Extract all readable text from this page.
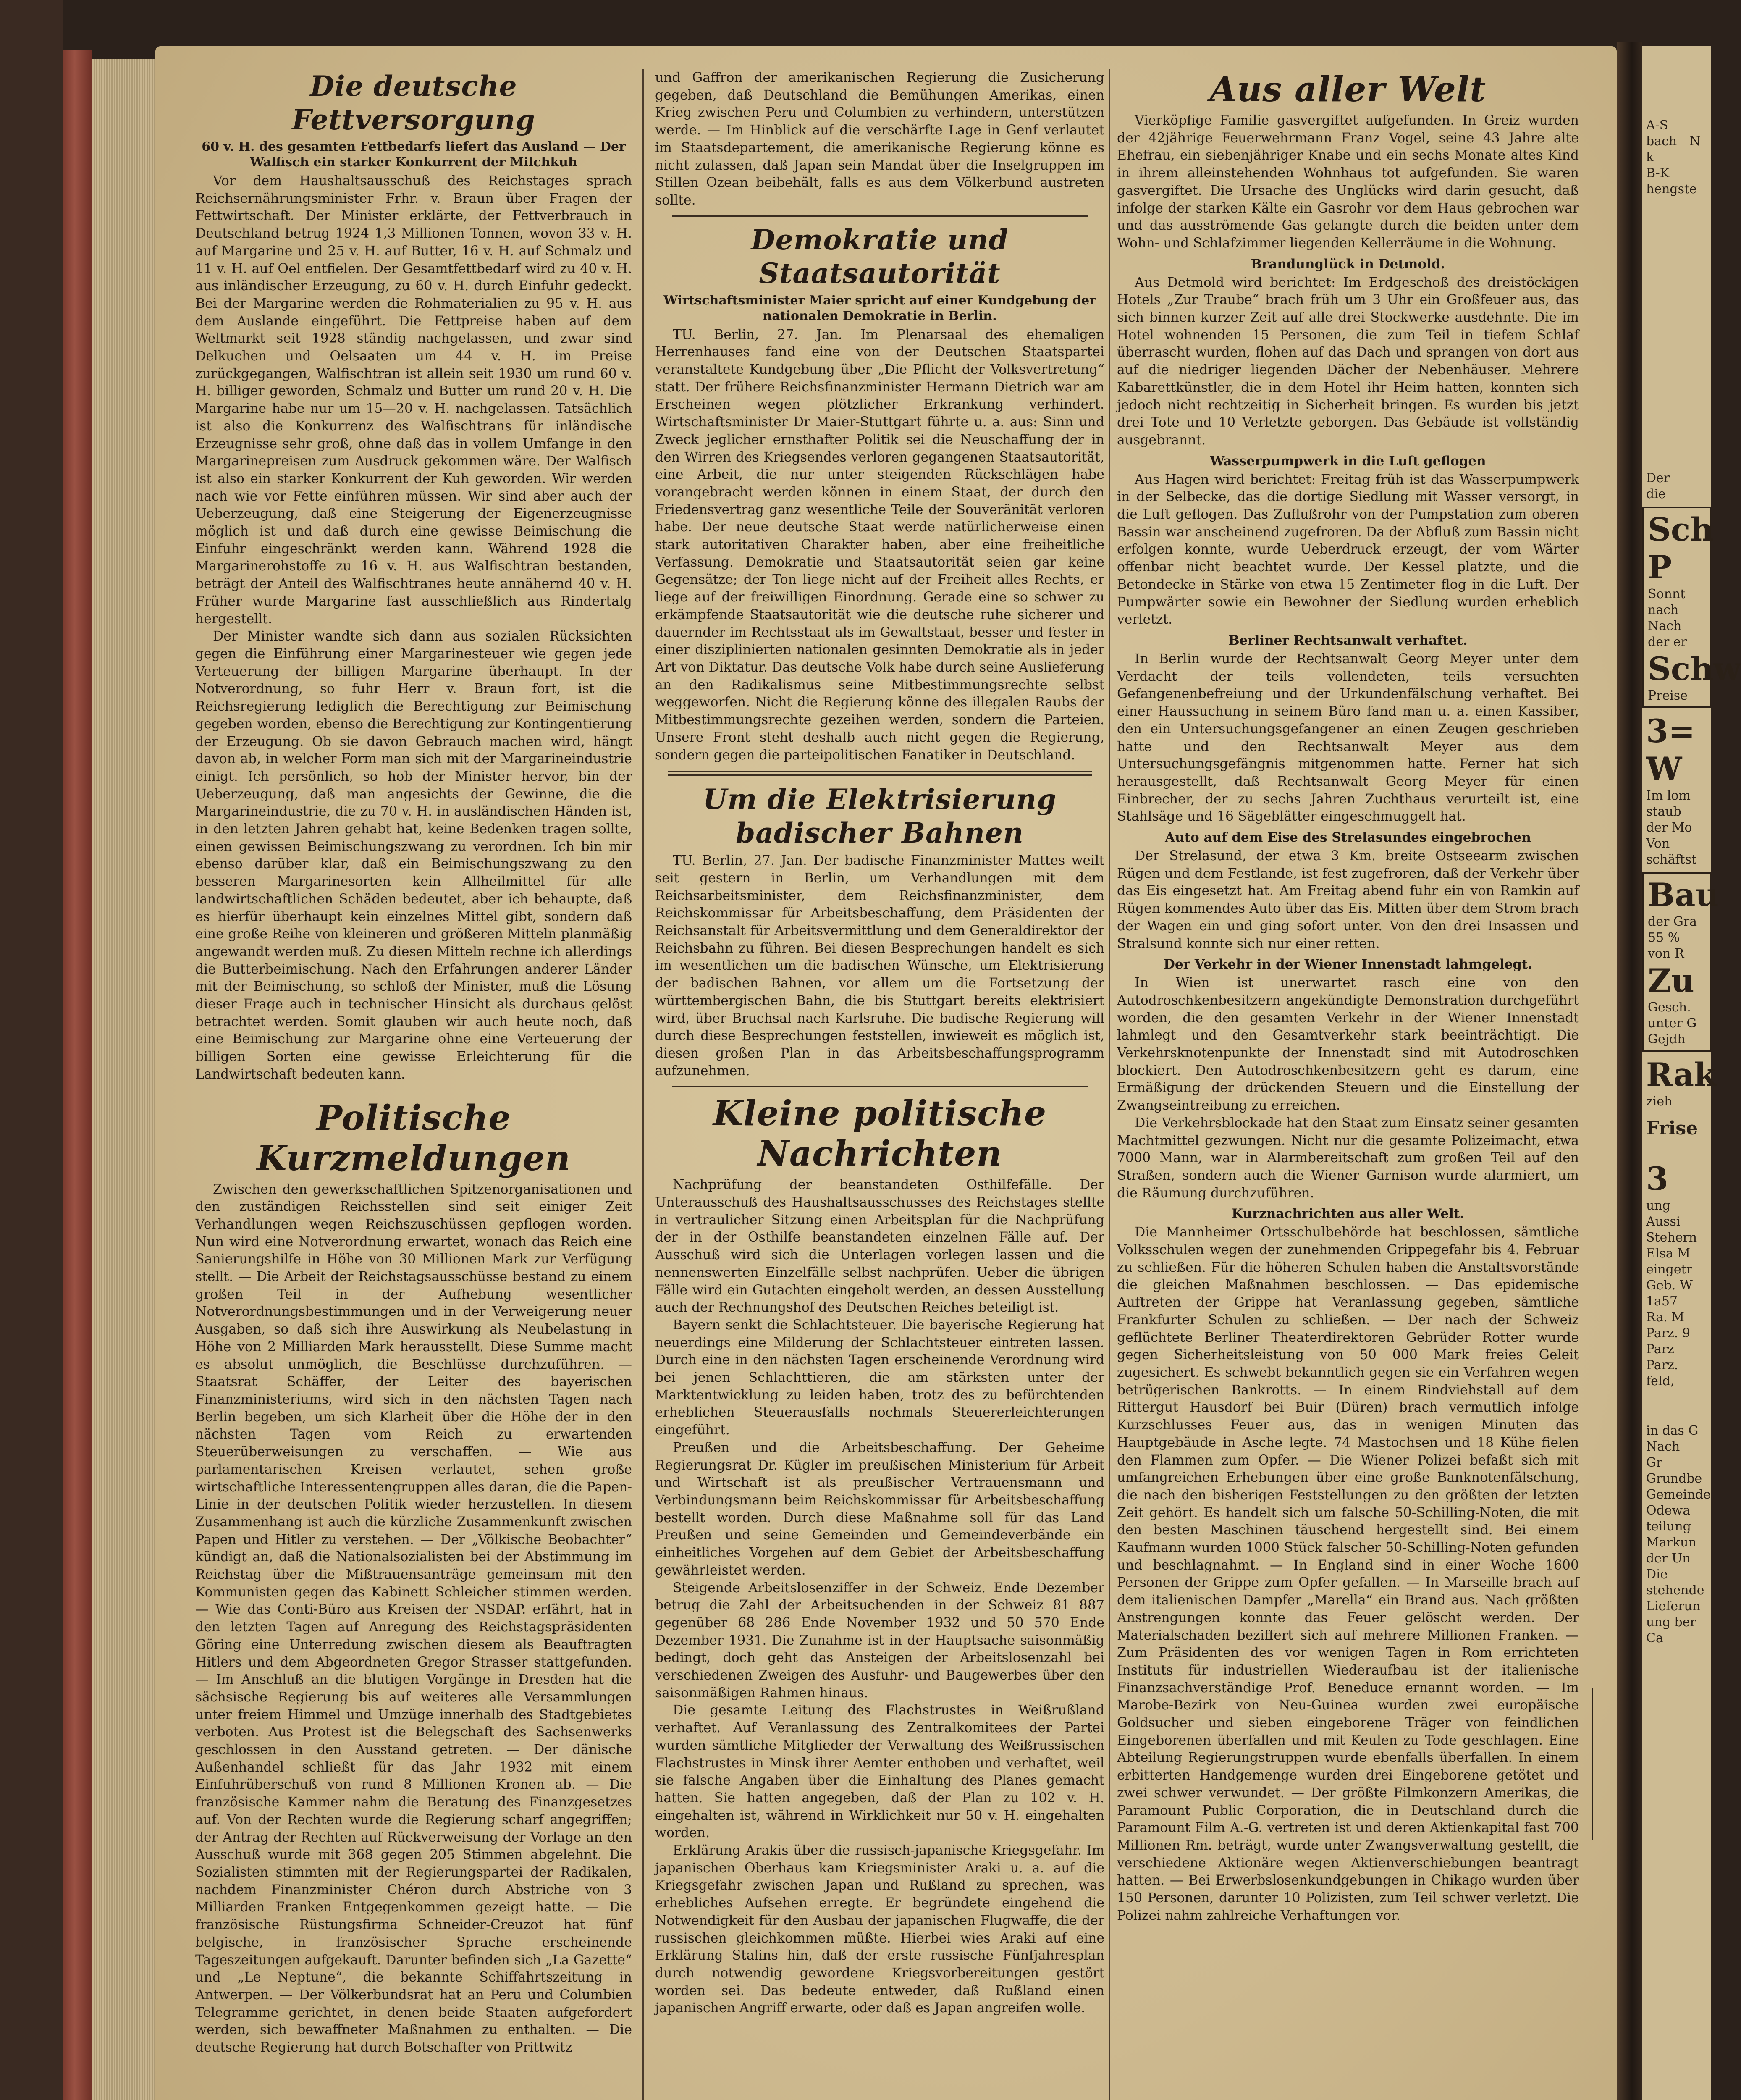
Die deutsche Fettversorgung
60 v. H. des gesamten Fettbedarfs liefert das Ausland — Der Walfisch ein starker Konkurrent der Milchkuh

Vor dem Haushaltsausschuß des Reichstages sprach Reichsernährungsminister Frhr. v. Braun über Fragen der Fettwirtschaft. Der Minister erklärte, der Fettverbrauch in Deutschland betrug 1924 1,3 Millionen Tonnen, wovon 33 v. H. auf Margarine und 25 v. H. auf Butter, 16 v. H. auf Schmalz und 11 v. H. auf Oel entfielen. Der Gesamtfettbedarf wird zu 40 v. H. aus inländischer Erzeugung, zu 60 v. H. durch Einfuhr gedeckt. Bei der Margarine werden die Rohmaterialien zu 95 v. H. aus dem Auslande eingeführt. Die Fettpreise haben auf dem Weltmarkt seit 1928 ständig nachgelassen, und zwar sind Delkuchen und Oelsaaten um 44 v. H. im Preise zurückgegangen, Walfischtran ist allein seit 1930 um rund 60 v. H. billiger geworden, Schmalz und Butter um rund 20 v. H. Die Margarine habe nur um 15—20 v. H. nachgelassen. Tatsächlich ist also die Konkurrenz des Walfischtrans für inländische Erzeugnisse sehr groß, ohne daß das in vollem Umfange in den Margarinepreisen zum Ausdruck gekommen wäre. Der Walfisch ist also ein starker Konkurrent der Kuh geworden. Wir werden nach wie vor Fette einführen müssen. Wir sind aber auch der Ueberzeugung, daß eine Steigerung der Eigenerzeugnisse möglich ist und daß durch eine gewisse Beimischung die Einfuhr eingeschränkt werden kann. Während 1928 die Margarinerohstoffe zu 16 v. H. aus Walfischtran bestanden, beträgt der Anteil des Walfischtranes heute annähernd 40 v. H. Früher wurde Margarine fast ausschließlich aus Rindertalg hergestellt.

Der Minister wandte sich dann aus sozialen Rücksichten gegen die Einführung einer Margarinesteuer wie gegen jede Verteuerung der billigen Margarine überhaupt. In der Notverordnung, so fuhr Herr v. Braun fort, ist die Reichsregierung lediglich die Berechtigung zur Beimischung gegeben worden, ebenso die Berechtigung zur Kontingentierung der Erzeugung. Ob sie davon Gebrauch machen wird, hängt davon ab, in welcher Form man sich mit der Margarineindustrie einigt. Ich persönlich, so hob der Minister hervor, bin der Ueberzeugung, daß man angesichts der Gewinne, die die Margarineindustrie, die zu 70 v. H. in ausländischen Händen ist, in den letzten Jahren gehabt hat, keine Bedenken tragen sollte, einen gewissen Beimischungszwang zu verordnen. Ich bin mir ebenso darüber klar, daß ein Beimischungszwang zu den besseren Margarinesorten kein Allheilmittel für alle landwirtschaftlichen Schäden bedeutet, aber ich behaupte, daß es hierfür überhaupt kein einzelnes Mittel gibt, sondern daß eine große Reihe von kleineren und größeren Mitteln planmäßig angewandt werden muß. Zu diesen Mitteln rechne ich allerdings die Butterbeimischung. Nach den Erfahrungen anderer Länder mit der Beimischung, so schloß der Minister, muß die Lösung dieser Frage auch in technischer Hinsicht als durchaus gelöst betrachtet werden. Somit glauben wir auch heute noch, daß eine Beimischung zur Margarine ohne eine Verteuerung der billigen Sorten eine gewisse Erleichterung für die Landwirtschaft bedeuten kann.

Politische Kurzmeldungen

Zwischen den gewerkschaftlichen Spitzenorganisationen und den zuständigen Reichsstellen sind seit einiger Zeit Verhandlungen wegen Reichszuschüssen gepflogen worden. Nun wird eine Notverordnung erwartet, wonach das Reich eine Sanierungshilfe in Höhe von 30 Millionen Mark zur Verfügung stellt. — Die Arbeit der Reichstagsausschüsse bestand zu einem großen Teil in der Aufhebung wesentlicher Notverordnungsbestimmungen und in der Verweigerung neuer Ausgaben, so daß sich ihre Auswirkung als Neubelastung in Höhe von 2 Milliarden Mark herausstellt. Diese Summe macht es absolut unmöglich, die Beschlüsse durchzuführen. — Staatsrat Schäffer, der Leiter des bayerischen Finanzministeriums, wird sich in den nächsten Tagen nach Berlin begeben, um sich Klarheit über die Höhe der in den nächsten Tagen vom Reich zu erwartenden Steuerüberweisungen zu verschaffen. — Wie aus parlamentarischen Kreisen verlautet, sehen große wirtschaftliche Interessentengruppen alles daran, die die Papen-Linie in der deutschen Politik wieder herzustellen. In diesem Zusammenhang ist auch die kürzliche Zusammenkunft zwischen Papen und Hitler zu verstehen. — Der „Völkische Beobachter“ kündigt an, daß die Nationalsozialisten bei der Abstimmung im Reichstag über die Mißtrauensanträge gemeinsam mit den Kommunisten gegen das Kabinett Schleicher stimmen werden. — Wie das Conti-Büro aus Kreisen der NSDAP. erfährt, hat in den letzten Tagen auf Anregung des Reichstagspräsidenten Göring eine Unterredung zwischen diesem als Beauftragten Hitlers und dem Abgeordneten Gregor Strasser stattgefunden. — Im Anschluß an die blutigen Vorgänge in Dresden hat die sächsische Regierung bis auf weiteres alle Versammlungen unter freiem Himmel und Umzüge innerhalb des Stadtgebietes verboten. Aus Protest ist die Belegschaft des Sachsenwerks geschlossen in den Ausstand getreten. — Der dänische Außenhandel schließt für das Jahr 1932 mit einem Einfuhrüberschuß von rund 8 Millionen Kronen ab. — Die französische Kammer nahm die Beratung des Finanzgesetzes auf. Von der Rechten wurde die Regierung scharf angegriffen; der Antrag der Rechten auf Rückverweisung der Vorlage an den Ausschuß wurde mit 368 gegen 205 Stimmen abgelehnt. Die Sozialisten stimmten mit der Regierungspartei der Radikalen, nachdem Finanzminister Chéron durch Abstriche von 3 Milliarden Franken Entgegenkommen gezeigt hatte. — Die französische Rüstungsfirma Schneider-Creuzot hat fünf belgische, in französischer Sprache erscheinende Tageszeitungen aufgekauft. Darunter befinden sich „La Gazette“ und „Le Neptune“, die bekannte Schiffahrtszeitung in Antwerpen. — Der Völkerbundsrat hat an Peru und Columbien Telegramme gerichtet, in denen beide Staaten aufgefordert werden, sich bewaffneter Maßnahmen zu enthalten. — Die deutsche Regierung hat durch Botschafter von Prittwitz

und Gaffron der amerikanischen Regierung die Zusicherung gegeben, daß Deutschland die Bemühungen Amerikas, einen Krieg zwischen Peru und Columbien zu verhindern, unterstützen werde. — Im Hinblick auf die verschärfte Lage in Genf verlautet im Staatsdepartement, die amerikanische Regierung könne es nicht zulassen, daß Japan sein Mandat über die Inselgruppen im Stillen Ozean beibehält, falls es aus dem Völkerbund austreten sollte.

Demokratie und Staatsautorität
Wirtschaftsminister Maier spricht auf einer Kundgebung der nationalen Demokratie in Berlin.

TU. Berlin, 27. Jan. Im Plenarsaal des ehemaligen Herrenhauses fand eine von der Deutschen Staatspartei veranstaltete Kundgebung über „Die Pflicht der Volksvertretung“ statt. Der frühere Reichsfinanzminister Hermann Dietrich war am Erscheinen wegen plötzlicher Erkrankung verhindert. Wirtschaftsminister Dr Maier-Stuttgart führte u. a. aus: Sinn und Zweck jeglicher ernsthafter Politik sei die Neuschaffung der in den Wirren des Kriegsendes verloren gegangenen Staatsautorität, eine Arbeit, die nur unter steigenden Rückschlägen habe vorangebracht werden können in einem Staat, der durch den Friedensvertrag ganz wesentliche Teile der Souveränität verloren habe. Der neue deutsche Staat werde natürlicherweise einen stark autoritativen Charakter haben, aber eine freiheitliche Verfassung. Demokratie und Staatsautorität seien gar keine Gegensätze; der Ton liege nicht auf der Freiheit alles Rechts, er liege auf der freiwilligen Einordnung. Gerade eine so schwer zu erkämpfende Staatsautorität wie die deutsche ruhe sicherer und dauernder im Rechtsstaat als im Gewaltstaat, besser und fester in einer disziplinierten nationalen gesinnten Demokratie als in jeder Art von Diktatur. Das deutsche Volk habe durch seine Auslieferung an den Radikalismus seine Mitbestimmungsrechte selbst weggeworfen. Nicht die Regierung könne des illegalen Raubs der Mitbestimmungsrechte gezeihen werden, sondern die Parteien. Unsere Front steht deshalb auch nicht gegen die Regierung, sondern gegen die parteipolitischen Fanatiker in Deutschland.

Um die Elektrisierung badischer Bahnen

TU. Berlin, 27. Jan. Der badische Finanzminister Mattes weilt seit gestern in Berlin, um Verhandlungen mit dem Reichsarbeitsminister, dem Reichsfinanzminister, dem Reichskommissar für Arbeitsbeschaffung, dem Präsidenten der Reichsanstalt für Arbeitsvermittlung und dem Generaldirektor der Reichsbahn zu führen. Bei diesen Besprechungen handelt es sich im wesentlichen um die badischen Wünsche, um Elektrisierung der badischen Bahnen, vor allem um die Fortsetzung der württembergischen Bahn, die bis Stuttgart bereits elektrisiert wird, über Bruchsal nach Karlsruhe. Die badische Regierung will durch diese Besprechungen feststellen, inwieweit es möglich ist, diesen großen Plan in das Arbeitsbeschaffungsprogramm aufzunehmen.

Kleine politische Nachrichten

Nachprüfung der beanstandeten Osthilfefälle. Der Unterausschuß des Haushaltsausschusses des Reichstages stellte in vertraulicher Sitzung einen Arbeitsplan für die Nachprüfung der in der Osthilfe beanstandeten einzelnen Fälle auf. Der Ausschuß wird sich die Unterlagen vorlegen lassen und die nennenswerten Einzelfälle selbst nachprüfen. Ueber die übrigen Fälle wird ein Gutachten eingeholt werden, an dessen Ausstellung auch der Rechnungshof des Deutschen Reiches beteiligt ist.

Bayern senkt die Schlachtsteuer. Die bayerische Regierung hat neuerdings eine Milderung der Schlachtsteuer eintreten lassen. Durch eine in den nächsten Tagen erscheinende Verordnung wird bei jenen Schlachttieren, die am stärksten unter der Marktentwicklung zu leiden haben, trotz des zu befürchtenden erheblichen Steuerausfalls nochmals Steuererleichterungen eingeführt.

Preußen und die Arbeitsbeschaffung. Der Geheime Regierungsrat Dr. Kügler im preußischen Ministerium für Arbeit und Wirtschaft ist als preußischer Vertrauensmann und Verbindungsmann beim Reichskommissar für Arbeitsbeschaffung bestellt worden. Durch diese Maßnahme soll für das Land Preußen und seine Gemeinden und Gemeindeverbände ein einheitliches Vorgehen auf dem Gebiet der Arbeitsbeschaffung gewährleistet werden.

Steigende Arbeitslosenziffer in der Schweiz. Ende Dezember betrug die Zahl der Arbeitsuchenden in der Schweiz 81 887 gegenüber 68 286 Ende November 1932 und 50 570 Ende Dezember 1931. Die Zunahme ist in der Hauptsache saisonmäßig bedingt, doch geht das Ansteigen der Arbeitslosenzahl bei verschiedenen Zweigen des Ausfuhr- und Baugewerbes über den saisonmäßigen Rahmen hinaus.

Die gesamte Leitung des Flachstrustes in Weißrußland verhaftet. Auf Veranlassung des Zentralkomitees der Partei wurden sämtliche Mitglieder der Verwaltung des Weißrussischen Flachstrustes in Minsk ihrer Aemter enthoben und verhaftet, weil sie falsche Angaben über die Einhaltung des Planes gemacht hatten. Sie hatten angegeben, daß der Plan zu 102 v. H. eingehalten ist, während in Wirklichkeit nur 50 v. H. eingehalten worden.

Erklärung Arakis über die russisch-japanische Kriegsgefahr. Im japanischen Oberhaus kam Kriegsminister Araki u. a. auf die Kriegsgefahr zwischen Japan und Rußland zu sprechen, was erhebliches Aufsehen erregte. Er begründete eingehend die Notwendigkeit für den Ausbau der japanischen Flugwaffe, die der russischen gleichkommen müßte. Hierbei wies Araki auf eine Erklärung Stalins hin, daß der erste russische Fünfjahresplan durch notwendig gewordene Kriegsvorbereitungen gestört worden sei. Das bedeute entweder, daß Rußland einen japanischen Angriff erwarte, oder daß es Japan angreifen wolle.

Aus aller Welt

Vierköpfige Familie gasvergiftet aufgefunden. In Greiz wurden der 42jährige Feuerwehrmann Franz Vogel, seine 43 Jahre alte Ehefrau, ein siebenjähriger Knabe und ein sechs Monate altes Kind in ihrem alleinstehenden Wohnhaus tot aufgefunden. Sie waren gasvergiftet. Die Ursache des Unglücks wird darin gesucht, daß infolge der starken Kälte ein Gasrohr vor dem Haus gebrochen war und das ausströmende Gas gelangte durch die beiden unter dem Wohn- und Schlafzimmer liegenden Kellerräume in die Wohnung.

Brandunglück in Detmold.

Aus Detmold wird berichtet: Im Erdgeschoß des dreistöckigen Hotels „Zur Traube“ brach früh um 3 Uhr ein Großfeuer aus, das sich binnen kurzer Zeit auf alle drei Stockwerke ausdehnte. Die im Hotel wohnenden 15 Personen, die zum Teil in tiefem Schlaf überrascht wurden, flohen auf das Dach und sprangen von dort aus auf die niedriger liegenden Dächer der Nebenhäuser. Mehrere Kabarettkünstler, die in dem Hotel ihr Heim hatten, konnten sich jedoch nicht rechtzeitig in Sicherheit bringen. Es wurden bis jetzt drei Tote und 10 Verletzte geborgen. Das Gebäude ist vollständig ausgebrannt.

Wasserpumpwerk in die Luft geflogen

Aus Hagen wird berichtet: Freitag früh ist das Wasserpumpwerk in der Selbecke, das die dortige Siedlung mit Wasser versorgt, in die Luft geflogen. Das Zuflußrohr von der Pumpstation zum oberen Bassin war anscheinend zugefroren. Da der Abfluß zum Bassin nicht erfolgen konnte, wurde Ueberdruck erzeugt, der vom Wärter offenbar nicht beachtet wurde. Der Kessel platzte, und die Betondecke in Stärke von etwa 15 Zentimeter flog in die Luft. Der Pumpwärter sowie ein Bewohner der Siedlung wurden erheblich verletzt.

Berliner Rechtsanwalt verhaftet.

In Berlin wurde der Rechtsanwalt Georg Meyer unter dem Verdacht der teils vollendeten, teils versuchten Gefangenenbefreiung und der Urkundenfälschung verhaftet. Bei einer Haussuchung in seinem Büro fand man u. a. einen Kassiber, den ein Untersuchungsgefangener an einen Zeugen geschrieben hatte und den Rechtsanwalt Meyer aus dem Untersuchungsgefängnis mitgenommen hatte. Ferner hat sich herausgestellt, daß Rechtsanwalt Georg Meyer für einen Einbrecher, der zu sechs Jahren Zuchthaus verurteilt ist, eine Stahlsäge und 16 Sägeblätter eingeschmuggelt hat.

Auto auf dem Eise des Strelasundes eingebrochen

Der Strelasund, der etwa 3 Km. breite Ostseearm zwischen Rügen und dem Festlande, ist fest zugefroren, daß der Verkehr über das Eis eingesetzt hat. Am Freitag abend fuhr ein von Ramkin auf Rügen kommendes Auto über das Eis. Mitten über dem Strom brach der Wagen ein und ging sofort unter. Von den drei Insassen und Stralsund konnte sich nur einer retten.

Der Verkehr in der Wiener Innenstadt lahmgelegt.

In Wien ist unerwartet rasch eine von den Autodroschkenbesitzern angekündigte Demonstration durchgeführt worden, die den gesamten Verkehr in der Wiener Innenstadt lahmlegt und den Gesamtverkehr stark beeinträchtigt. Die Verkehrsknotenpunkte der Innenstadt sind mit Autodroschken blockiert. Den Autodroschkenbesitzern geht es darum, eine Ermäßigung der drückenden Steuern und die Einstellung der Zwangseintreibung zu erreichen.

Die Verkehrsblockade hat den Staat zum Einsatz seiner gesamten Machtmittel gezwungen. Nicht nur die gesamte Polizeimacht, etwa 7000 Mann, war in Alarmbereitschaft zum großen Teil auf den Straßen, sondern auch die Wiener Garnison wurde alarmiert, um die Räumung durchzuführen.

Kurznachrichten aus aller Welt.

Die Mannheimer Ortsschulbehörde hat beschlossen, sämtliche Volksschulen wegen der zunehmenden Grippegefahr bis 4. Februar zu schließen. Für die höheren Schulen haben die Anstaltsvorstände die gleichen Maßnahmen beschlossen. — Das epidemische Auftreten der Grippe hat Veranlassung gegeben, sämtliche Frankfurter Schulen zu schließen. — Der nach der Schweiz geflüchtete Berliner Theaterdirektoren Gebrüder Rotter wurde gegen Sicherheitsleistung von 50 000 Mark freies Geleit zugesichert. Es schwebt bekanntlich gegen sie ein Verfahren wegen betrügerischen Bankrotts. — In einem Rindviehstall auf dem Rittergut Hausdorf bei Buir (Düren) brach vermutlich infolge Kurzschlusses Feuer aus, das in wenigen Minuten das Hauptgebäude in Asche legte. 74 Mastochsen und 18 Kühe fielen den Flammen zum Opfer. — Die Wiener Polizei befaßt sich mit umfangreichen Erhebungen über eine große Banknotenfälschung, die nach den bisherigen Feststellungen zu den größten der letzten Zeit gehört. Es handelt sich um falsche 50-Schilling-Noten, die mit den besten Maschinen täuschend hergestellt sind. Bei einem Kaufmann wurden 1000 Stück falscher 50-Schilling-Noten gefunden und beschlagnahmt. — In England sind in einer Woche 1600 Personen der Grippe zum Opfer gefallen. — In Marseille brach auf dem italienischen Dampfer „Marella“ ein Brand aus. Nach größten Anstrengungen konnte das Feuer gelöscht werden. Der Materialschaden beziffert sich auf mehrere Millionen Franken. — Zum Präsidenten des vor wenigen Tagen in Rom errichteten Instituts für industriellen Wiederaufbau ist der italienische Finanzsachverständige Prof. Beneduce ernannt worden. — Im Marobe-Bezirk von Neu-Guinea wurden zwei europäische Goldsucher und sieben eingeborene Träger von feindlichen Eingeborenen überfallen und mit Keulen zu Tode geschlagen. Eine Abteilung Regierungstruppen wurde ebenfalls überfallen. In einem erbitterten Handgemenge wurden drei Eingeborene getötet und zwei schwer verwundet. — Der größte Filmkonzern Amerikas, die Paramount Public Corporation, die in Deutschland durch die Paramount Film A.-G. vertreten ist und deren Aktienkapital fast 700 Millionen Rm. beträgt, wurde unter Zwangsverwaltung gestellt, die verschiedene Aktionäre wegen Aktienverschiebungen beantragt hatten. — Bei Erwerbslosenkundgebungen in Chikago wurden über 150 Personen, darunter 10 Polizisten, zum Teil schwer verletzt. Die Polizei nahm zahlreiche Verhaftungen vor.

A-S
bach—N
k
B-K
hengste
Der
die
Sch
P
Sonnt
nach
Nach
der er
Schw
Preise
3=
W
Im lom
staub
der Mo
Von
schäftst
Bau
der Gra
55 %
von R
Zu
Gesch.
unter G
Gejdh
Rak
zieh
Frise
3
ung
Aussi
Stehern
Elsa M
eingetr
Geb. W
1a57
Ra. M
Parz. 9
Parz
Parz.
feld,
in das G
Nach
Gr
Grundbe
Gemeinde
Odewa
teilung
Markun
der Un
Die
stehende
Lieferun
ung ber
Ca
